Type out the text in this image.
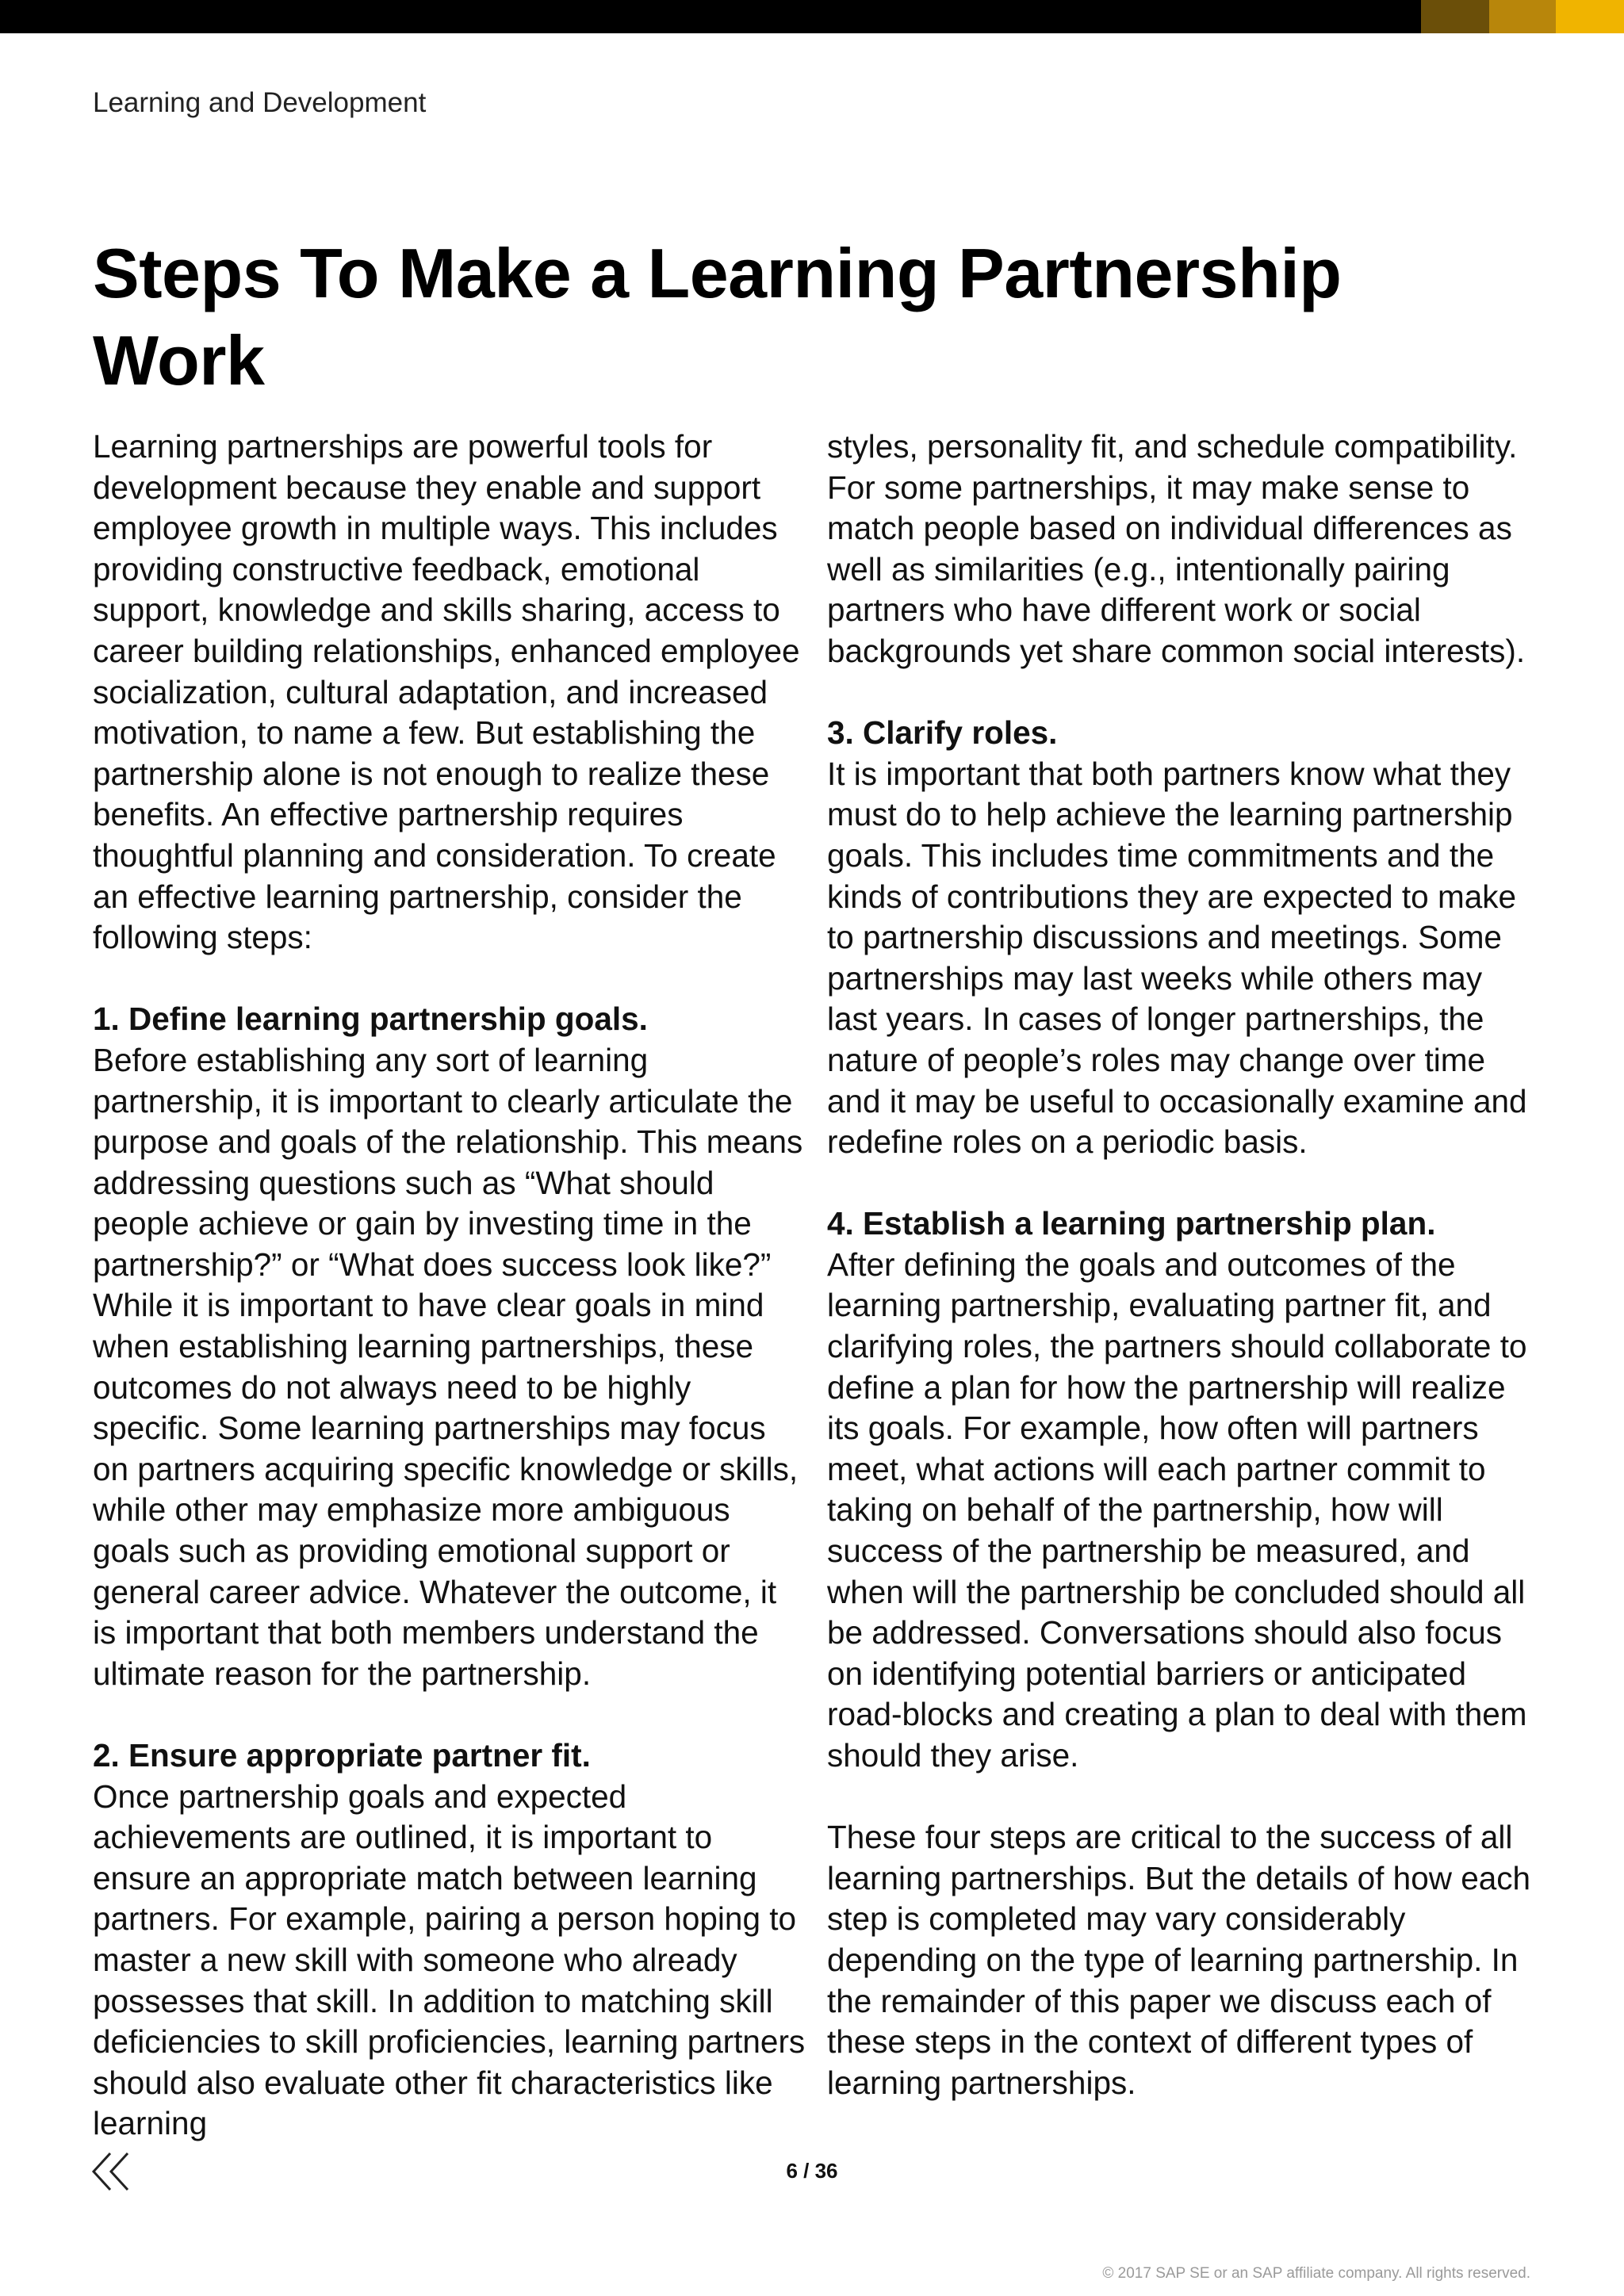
Learning and Development

Steps To Make a Learning Partnership Work

Learning partnerships are powerful tools for development because they enable and support employee growth in multiple ways. This includes providing constructive feedback, emotional support, knowledge and skills sharing, access to career building relationships, enhanced employee socialization, cultural adaptation, and increased motivation, to name a few. But establishing the partnership alone is not enough to realize these benefits. An effective partnership requires thoughtful planning and consideration. To create an effective learning partnership, consider the following steps:

1. Define learning partnership goals.
Before establishing any sort of learning partnership, it is important to clearly articulate the purpose and goals of the relationship. This means addressing questions such as “What should people achieve or gain by investing time in the partnership?” or “What does success look like?” While it is important to have clear goals in mind when establishing learning partnerships, these outcomes do not always need to be highly specific. Some learning partnerships may focus on partners acquiring specific knowledge or skills, while other may emphasize more ambiguous goals such as providing emotional support or general career advice. Whatever the outcome, it is important that both members understand the ultimate reason for the partnership.

2. Ensure appropriate partner fit.
Once partnership goals and expected achievements are outlined, it is important to ensure an appropriate match between learning partners. For example, pairing a person hoping to master a new skill with someone who already possesses that skill. In addition to matching skill deficiencies to skill proficiencies, learning partners should also evaluate other fit characteristics like learning

styles, personality fit, and schedule compatibility. For some partnerships, it may make sense to match people based on individual differences as well as similarities (e.g., intentionally pairing partners who have different work or social backgrounds yet share common social interests).

3. Clarify roles.
It is important that both partners know what they must do to help achieve the learning partnership goals. This includes time commitments and the kinds of contributions they are expected to make to partnership discussions and meetings. Some partnerships may last weeks while others may last years. In cases of longer partnerships, the nature of people’s roles may change over time and it may be useful to occasionally examine and redefine roles on a periodic basis.

4. Establish a learning partnership plan.
After defining the goals and outcomes of the learning partnership, evaluating partner fit, and clarifying roles, the partners should collaborate to define a plan for how the partnership will realize its goals. For example, how often will partners meet, what actions will each partner commit to taking on behalf of the partnership, how will success of the partnership be measured, and when will the partnership be concluded should all be addressed. Conversations should also focus on identifying potential barriers or anticipated road-blocks and creating a plan to deal with them should they arise.

These four steps are critical to the success of all learning partnerships. But the details of how each step is completed may vary considerably depending on the type of learning partnership. In the remainder of this paper we discuss each of these steps in the context of different types of learning partnerships.

6 / 36
© 2017 SAP SE or an SAP affiliate company. All rights reserved.
